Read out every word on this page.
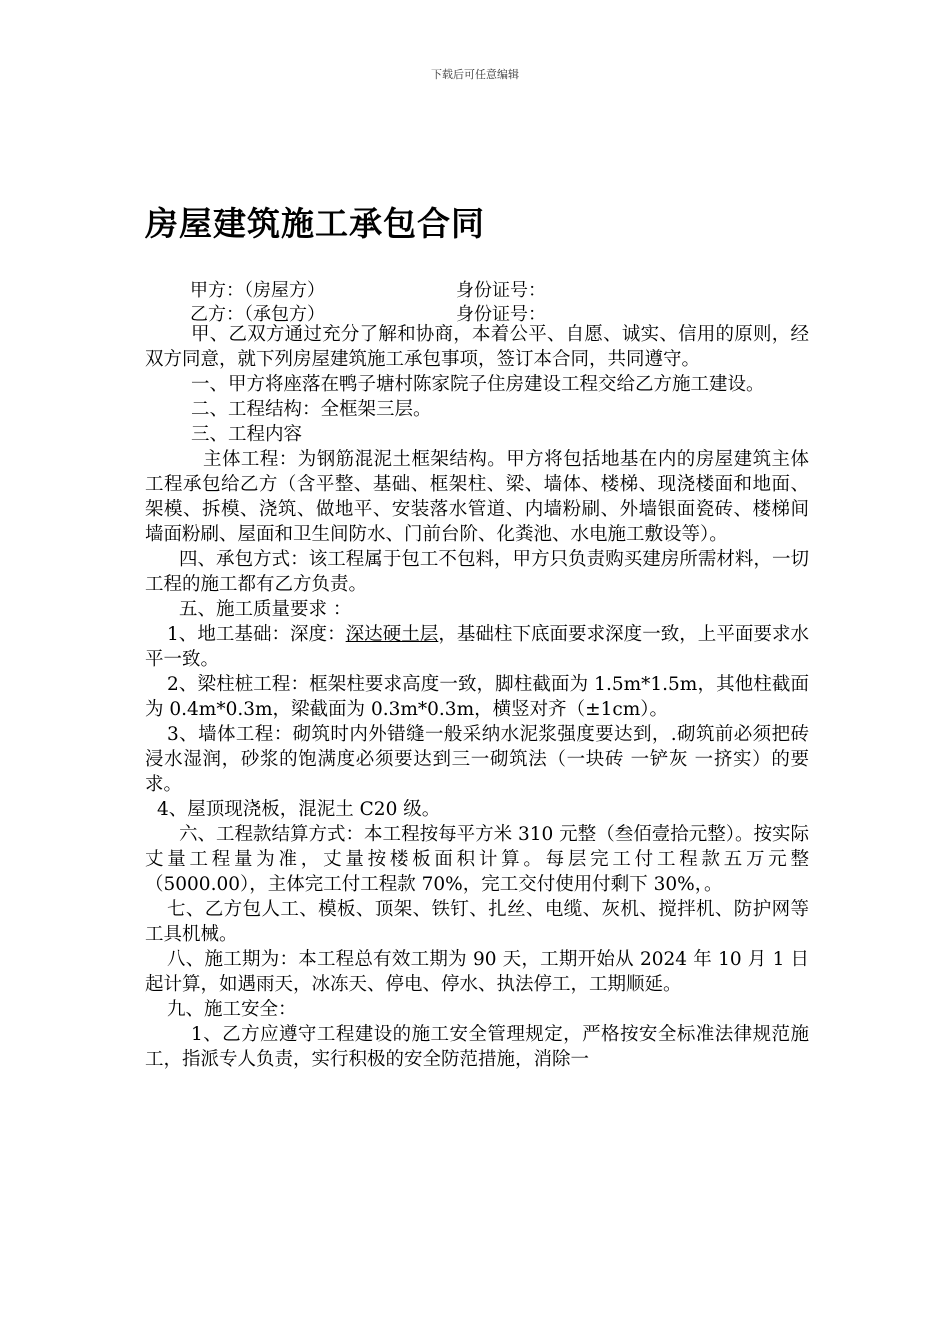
下载后可任意编辑
房屋建筑施工承包合同
甲方：（房屋方）	身份证号：
乙方：（承包方）	身份证号：

甲、乙双方通过充分了解和协商，本着公平、自愿、诚实、信用的原则，经双方同意，就下列房屋建筑施工承包事项，签订本合同，共同遵守。

一、甲方将座落在鸭子塘村陈家院子住房建设工程交给乙方施工建设。

二、工程结构：全框架三层。

三、工程内容

主体工程：为钢筋混泥土框架结构。甲方将包括地基在内的房屋建筑主体工程承包给乙方（含平整、基础、框架柱、梁、墙体、楼梯、现浇楼面和地面、架模、拆模、浇筑、做地平、安装落水管道、内墙粉刷、外墙银面瓷砖、楼梯间墙面粉刷、屋面和卫生间防水、门前台阶、化粪池、水电施工敷设等）。

四、承包方式：该工程属于包工不包料，甲方只负责购买建房所需材料，一切工程的施工都有乙方负责。

五、施工质量要求 ：

1、地工基础：深度：深达硬土层，基础柱下底面要求深度一致，上平面要求水平一致。

2、梁柱桩工程：框架柱要求高度一致，脚柱截面为 1.5m*1.5m，其他柱截面为 0.4m*0.3m，梁截面为 0.3m*0.3m，横竖对齐（±1cm）。

3、墙体工程：砌筑时内外错缝一般采纳水泥浆强度要达到，.砌筑前必须把砖浸水湿润，砂浆的饱满度必须要达到三一砌筑法（一块砖 一铲灰 一挤实）的要求。

4、屋顶现浇板，混泥土 C20 级。

六、工程款结算方式：本工程按每平方米 310 元整（叁佰壹拾元整）。按实际丈量工程量为准，丈量按楼板面积计算。每层完工付工程款五万元整（5000.00），主体完工付工程款 70%，完工交付使用付剩下 30%，。

七、乙方包人工、模板、顶架、铁钉、扎丝、电缆、灰机、搅拌机、防护网等工具机械。

八、施工期为：本工程总有效工期为 90 天，工期开始从 2024 年 10 月 1 日起计算，如遇雨天，冰冻天、停电、停水、执法停工，工期顺延。

九、施工安全：

1、乙方应遵守工程建设的施工安全管理规定，严格按安全标准法律规范施工，指派专人负责，实行积极的安全防范措施，消除一
